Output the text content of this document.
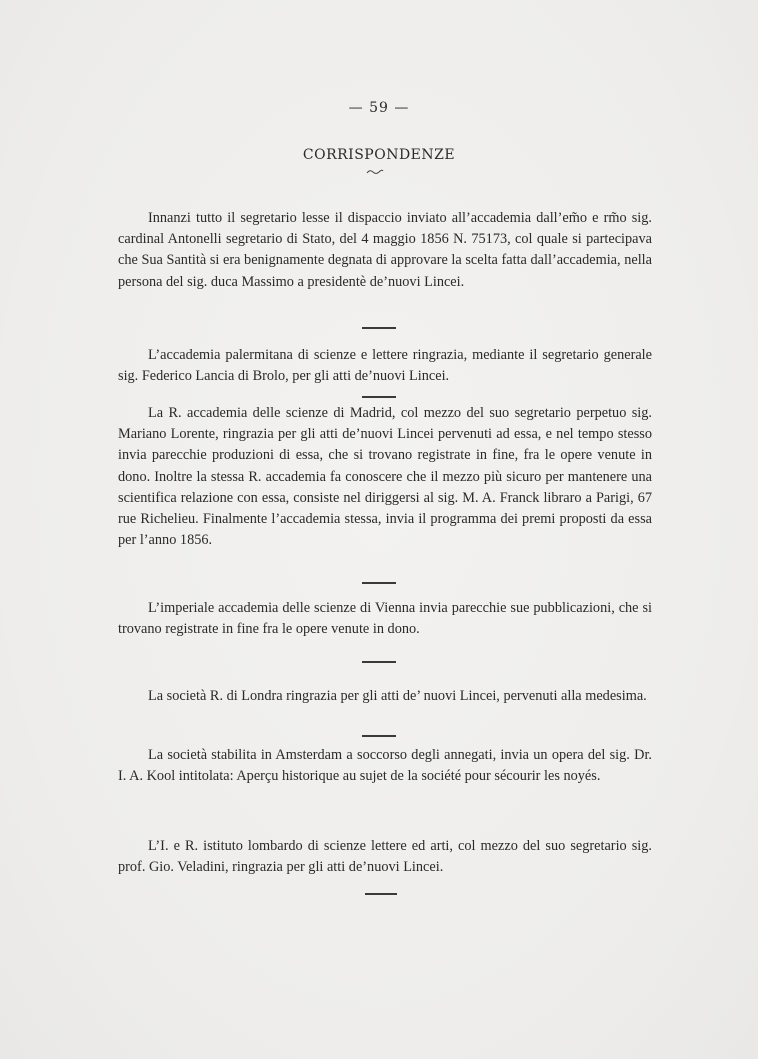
— 59 —
CORRISPONDENZE

Innanzi tutto il segretario lesse il dispaccio inviato all’accademia dall’em̃o e rm̃o sig. cardinal Antonelli segretario di Stato, del 4 maggio 1856 N. 75173, col quale si partecipava che Sua Santità si era benignamente degnata di approvare la scelta fatta dall’accademia, nella persona del sig. duca Massimo a presidentè de’nuovi Lincei.

L’accademia palermitana di scienze e lettere ringrazia, mediante il segretario generale sig. Federico Lancia di Brolo, per gli atti de’nuovi Lincei.

La R. accademia delle scienze di Madrid, col mezzo del suo segretario perpetuo sig. Mariano Lorente, ringrazia per gli atti de’nuovi Lincei pervenuti ad essa, e nel tempo stesso invia parecchie produzioni di essa, che si trovano registrate in fine, fra le opere venute in dono. Inoltre la stessa R. accademia fa conoscere che il mezzo più sicuro per mantenere una scientifica relazione con essa, consiste nel diriggersi al sig. M. A. Franck libraro a Parigi, 67 rue Richelieu. Finalmente l’accademia stessa, invia il programma dei premi proposti da essa per l’anno 1856.

L’imperiale accademia delle scienze di Vienna invia parecchie sue pubblicazioni, che si trovano registrate in fine fra le opere venute in dono.

La società R. di Londra ringrazia per gli atti de’ nuovi Lincei, pervenuti alla medesima.

La società stabilita in Amsterdam a soccorso degli annegati, invia un opera del sig. Dr. I. A. Kool intitolata: Aperçu historique au sujet de la société pour sécourir les noyés.

L’I. e R. istituto lombardo di scienze lettere ed arti, col mezzo del suo segretario sig. prof. Gio. Veladini, ringrazia per gli atti de’nuovi Lincei.
